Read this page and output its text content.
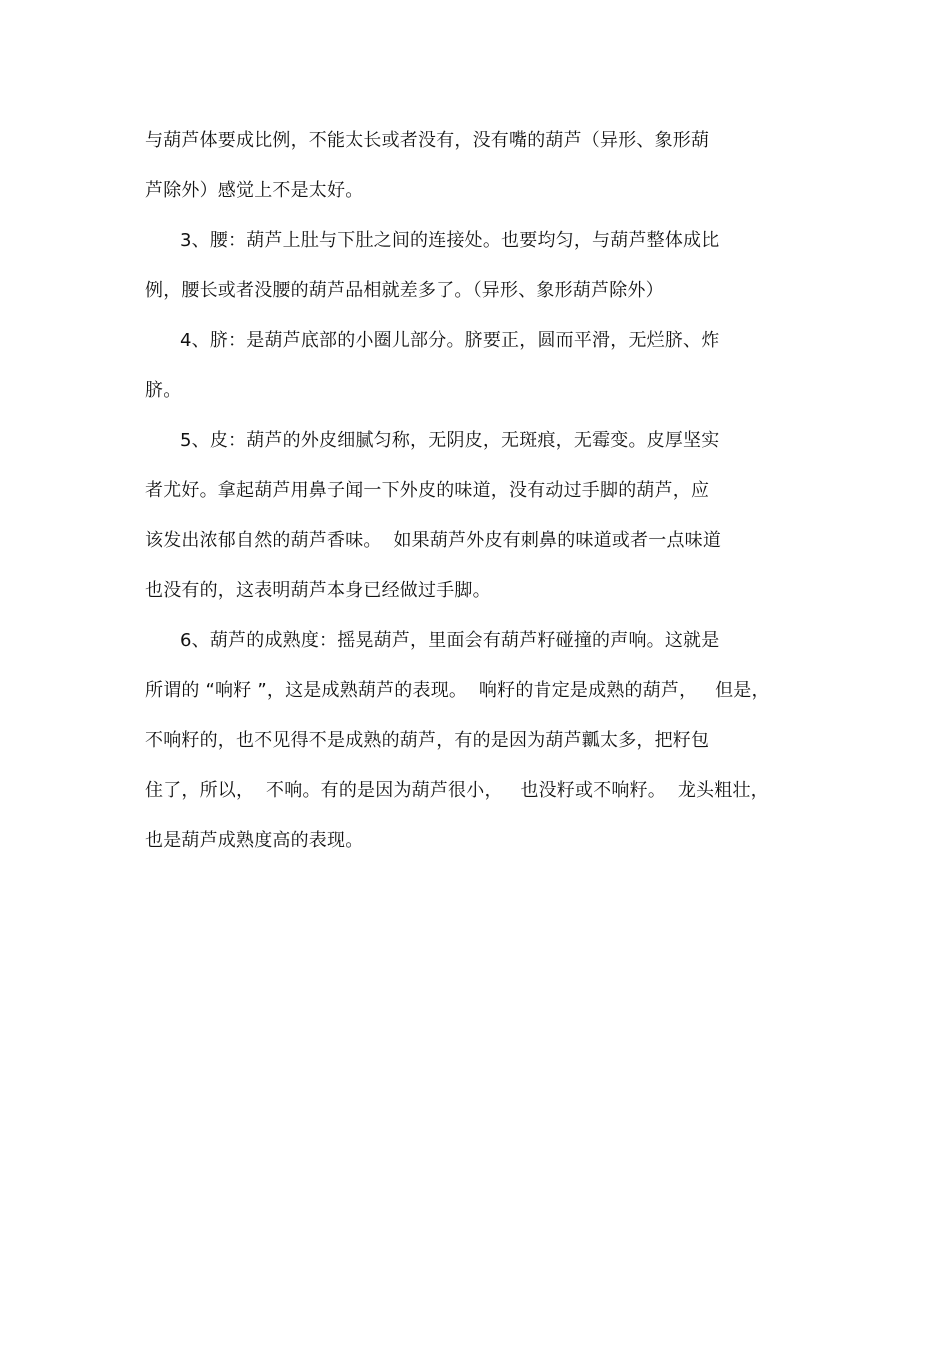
与葫芦体要成比例，不能太长或者没有，没有嘴的葫芦（异形、象形葫
芦除外）感觉上不是太好。
3、腰：葫芦上肚与下肚之间的连接处。也要均匀，与葫芦整体成比
例，腰长或者没腰的葫芦品相就差多了。（异形、象形葫芦除外）
4、脐：是葫芦底部的小圈儿部分。脐要正，圆而平滑，无烂脐、炸
脐。
5、皮：葫芦的外皮细腻匀称，无阴皮，无斑痕，无霉变。皮厚坚实
者尤好。拿起葫芦用鼻子闻一下外皮的味道，没有动过手脚的葫芦，应
该发出浓郁自然的葫芦香味。  如果葫芦外皮有刺鼻的味道或者一点味道
也没有的，这表明葫芦本身已经做过手脚。
6、葫芦的成熟度：摇晃葫芦，里面会有葫芦籽碰撞的声响。这就是
所谓的 “响籽 ”，这是成熟葫芦的表现。  响籽的肯定是成熟的葫芦，   但是，
不响籽的，也不见得不是成熟的葫芦，有的是因为葫芦瓤太多，把籽包
住了，所以，  不响。有的是因为葫芦很小，   也没籽或不响籽。  龙头粗壮，
也是葫芦成熟度高的表现。
